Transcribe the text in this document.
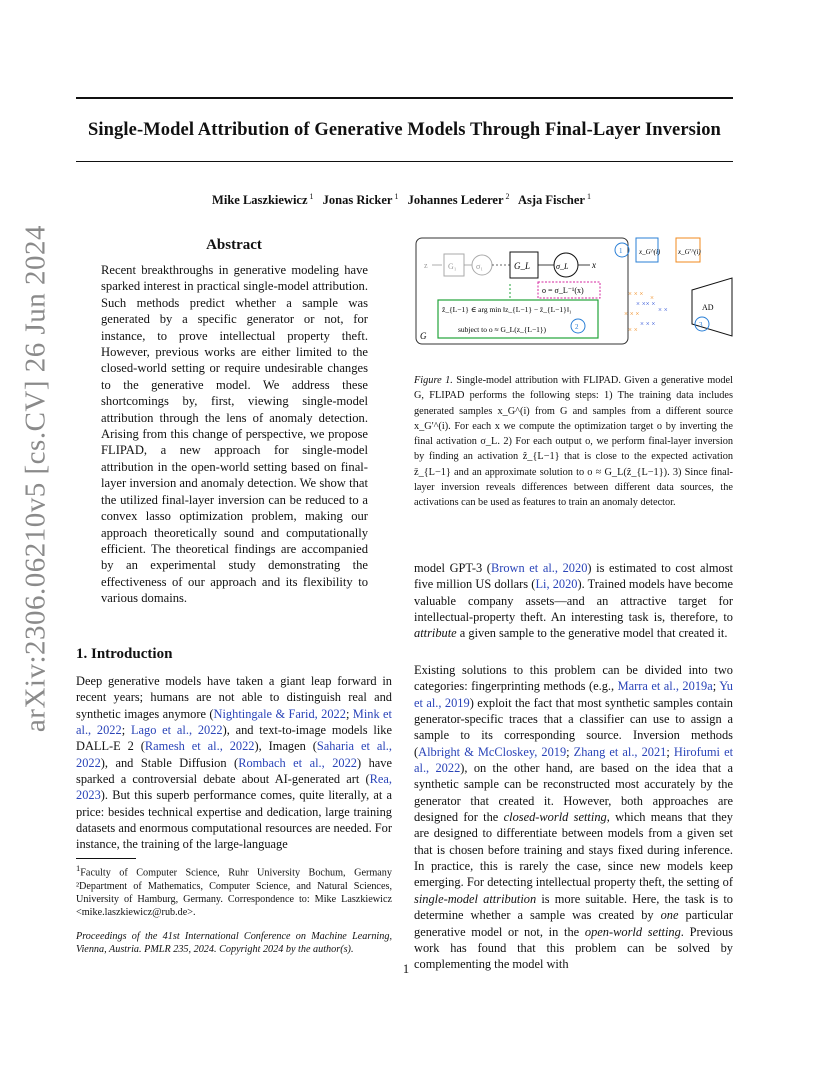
Single-Model Attribution of Generative Models Through Final-Layer Inversion
Mike Laszkiewicz $^1$ Jonas Ricker $^1$ Johannes Lederer $^2$ Asja Fischer $^1$
arXiv:2306.06210v5 [cs.CV] 26 Jun 2024	Abstract
Recent breakthroughs in generative modeling have sparked interest in practical single-model attribution. Such methods predict whether a sample was generated by a specific generator or not, for instance, to prove intellectual property theft. However, previous works are either limited to the closed-world setting or require undesirable changes to the generative model. We address these shortcomings by, first, viewing single-model attribution through the lens of anomaly detection. Arising from this change of perspective, we propose FLIPAD, a new approach for single-model attribution in the open-world setting based on final-layer inversion and anomaly detection. We show that the utilized final-layer inversion can be reduced to a convex lasso optimization problem, making our approach theoretically sound and computationally efficient. The theoretical findings are accompanied by an experimental study demonstrating the effectiveness of our approach and its flexibility to various domains.
1. Introduction
Deep generative models have taken a giant leap forward in recent years; humans are not able to distinguish real and synthetic images anymore (Nightingale & Farid, 2022; Mink et al., 2022; Lago et al., 2022), and text-to-image models like DALL-E 2 (Ramesh et al., 2022), Imagen (Saharia et al., 2022), and Stable Diffusion (Rombach et al., 2022) have sparked a controversial debate about AI-generated art (Rea, 2023). But this superb performance comes, quite literally, at a price: besides technical expertise and dedication, large training datasets and enormous computational resources are needed. For instance, the training of the large-language
$^1$Faculty of Computer Science, Ruhr University Bochum, Germany ²Department of Mathematics, Computer Science, and Natural Sciences, University of Hamburg, Germany. Correspondence to: Mike Laszkiewicz <mike.laszkiewicz@rub.de>.
Proceedings of the 41st International Conference on Machine Learning, Vienna, Austria. PMLR 235, 2024. Copyright 2024 by the author(s).
G
z	G₁ σ₁	G_L	σ_L	x
o = σ_L⁻¹(x)
ẑ_{L−1} ∈ arg min ‖z_{L−1} − z̄_{L−1}‖₁
subject to o ≈ G_L(z_{L−1})	2
1 x_G^(i)	x_G'^(i)
× × ×
× ×× ×
× × ×
× × ×
×
× ×
× ×
AD
3
Figure 1. Single-model attribution with FLIPAD. Given a generative model G, FLIPAD performs the following steps: 1) The training data includes generated samples x_G^(i) from G and samples from a different source x_G'^(i). For each x we compute the optimization target o by inverting the final activation σ_L. 2) For each output o, we perform final-layer inversion by finding an activation ẑ_{L−1} that is close to the expected activation z̄_{L−1} and an approximate solution to o ≈ G_L(ẑ_{L−1}). 3) Since final-layer inversion reveals differences between different data sources, the activations can be used as features to train an anomaly detector.
model GPT-3 (Brown et al., 2020) is estimated to cost almost five million US dollars (Li, 2020). Trained models have become valuable company assets—and an attractive target for intellectual-property theft. An interesting task is, therefore, to attribute a given sample to the generative model that created it.
Existing solutions to this problem can be divided into two categories: fingerprinting methods (e.g., Marra et al., 2019a; Yu et al., 2019) exploit the fact that most synthetic samples contain generator-specific traces that a classifier can use to assign a sample to its corresponding source. Inversion methods (Albright & McCloskey, 2019; Zhang et al., 2021; Hirofumi et al., 2022), on the other hand, are based on the idea that a synthetic sample can be reconstructed most accurately by the generator that created it. However, both approaches are designed for the closed-world setting, which means that they are designed to differentiate between models from a given set that is chosen before training and stays fixed during inference. In practice, this is rarely the case, since new models keep emerging. For detecting intellectual property theft, the setting of single-model attribution is more suitable. Here, the task is to determine whether a sample was created by one particular generative model or not, in the open-world setting. Previous work has found that this problem can be solved by complementing the model with
1
